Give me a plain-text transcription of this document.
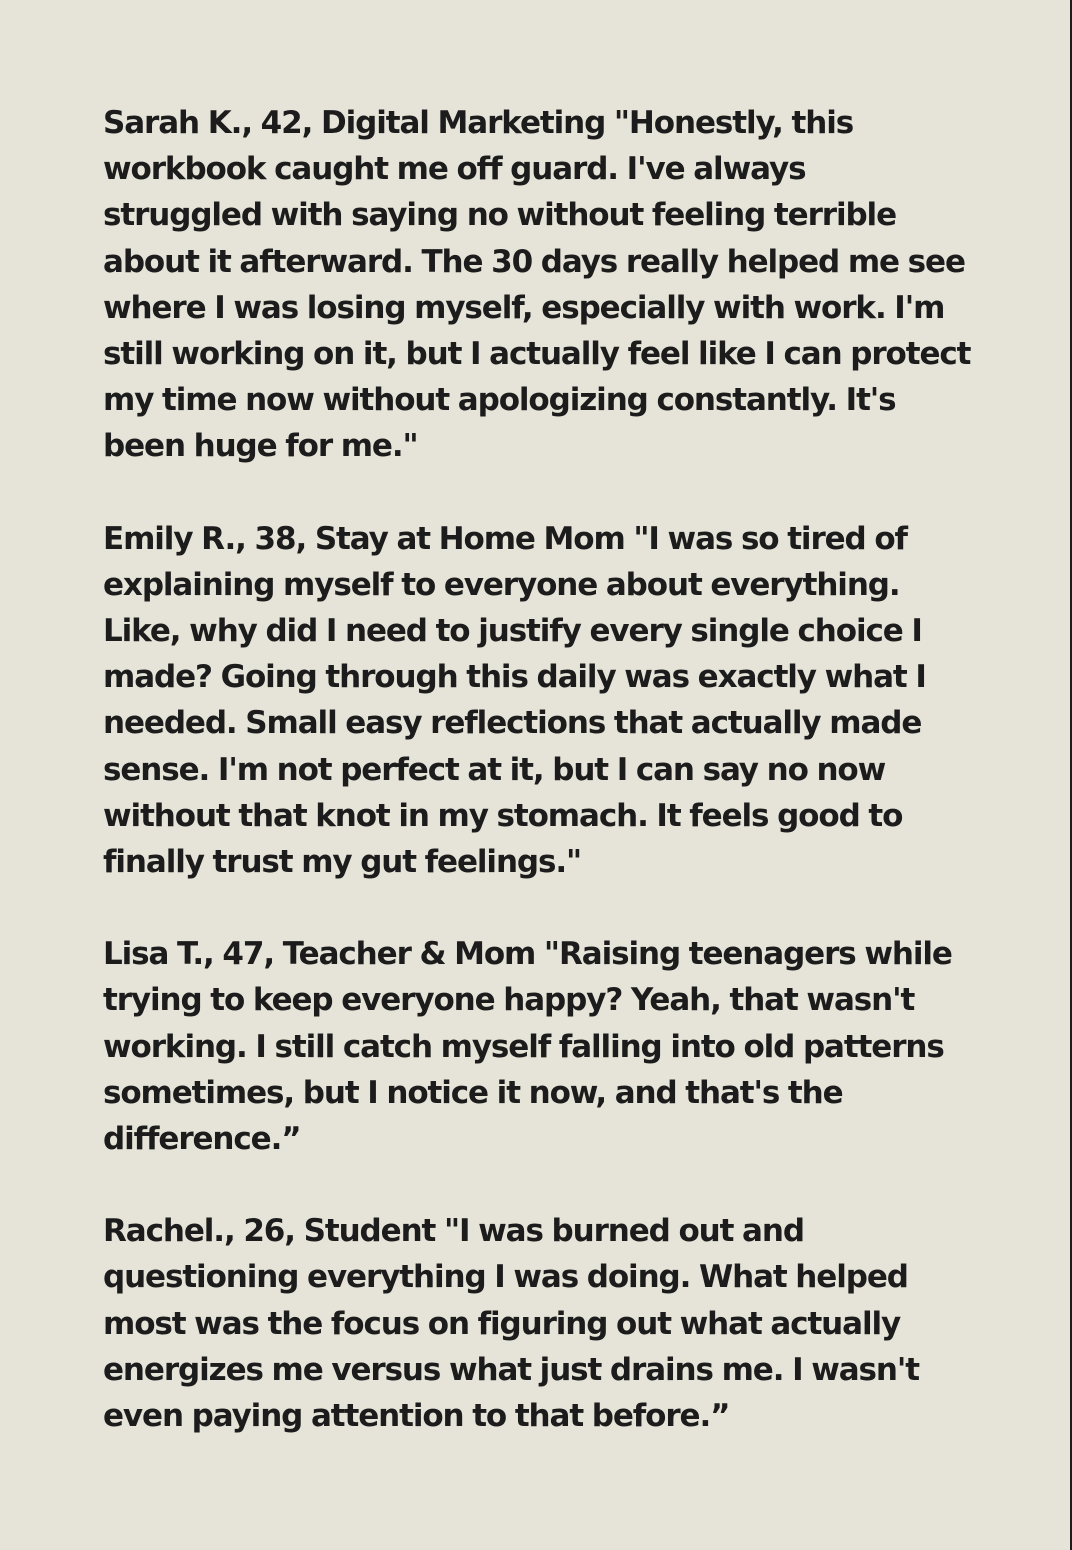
Sarah K., 42, Digital Marketing "Honestly, this workbook caught me off guard. I've always struggled with saying no without feeling terrible about it afterward. The 30 days really helped me see where I was losing myself, especially with work. I'm still working on it, but I actually feel like I can protect my time now without apologizing constantly. It's been huge for me."

Emily R., 38, Stay at Home Mom "I was so tired of explaining myself to everyone about everything. Like, why did I need to justify every single choice I made? Going through this daily was exactly what I needed. Small easy reflections that actually made sense. I'm not perfect at it, but I can say no now without that knot in my stomach. It feels good to finally trust my gut feelings."

Lisa T., 47, Teacher & Mom "Raising teenagers while trying to keep everyone happy? Yeah, that wasn't working. I still catch myself falling into old patterns sometimes, but I notice it now, and that's the difference.”

Rachel., 26, Student "I was burned out and questioning everything I was doing. What helped most was the focus on figuring out what actually energizes me versus what just drains me. I wasn't even paying attention to that before.”
